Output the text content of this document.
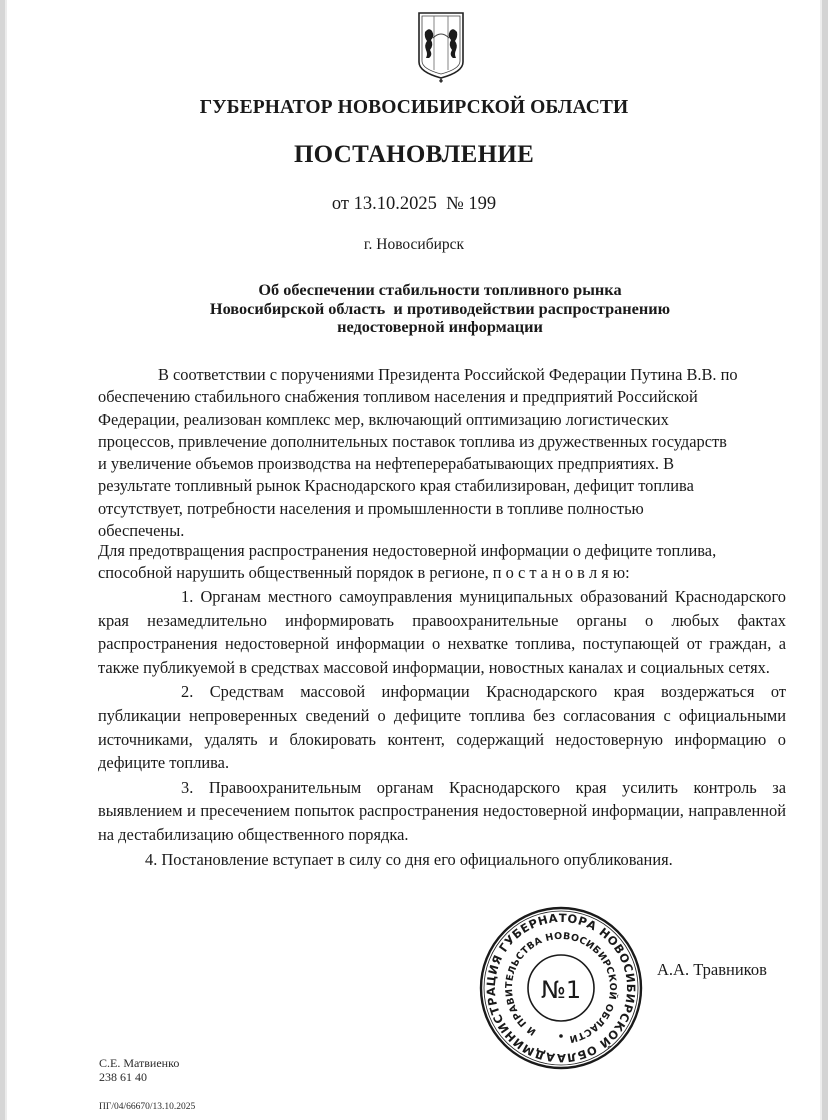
ГУБЕРНАТОР НОВОСИБИРСКОЙ ОБЛАСТИ
ПОСТАНОВЛЕНИЕ
от 13.10.2025  № 199
г. Новосибирск
Об обеспечении стабильности топливного рынка
Новосибирской область  и противодействии распространению
недостоверной информации
В соответствии с поручениями Президента Российской Федерации Путина В.В. по
обеспечению стабильного снабжения топливом населения и предприятий Российской
Федерации, реализован комплекс мер, включающий оптимизацию логистических
процессов, привлечение дополнительных поставок топлива из дружественных государств
и увеличение объемов производства на нефтеперерабатывающих предприятиях. В
результате топливный рынок Краснодарского края стабилизирован, дефицит топлива
отсутствует, потребности населения и промышленности в топливе полностью
обеспечены.
Для предотвращения распространения недостоверной информации о дефиците топлива,
способной нарушить общественный порядок в регионе, п о с т а н о в л я ю:

1. Органам местного самоуправления муниципальных образований Краснодарского края незамедлительно информировать правоохранительные органы о любых фактах распространения недостоверной информации о нехватке топлива, поступающей от граждан, а также публикуемой в средствах массовой информации, новостных каналах и социальных сетях.

2. Средствам массовой информации Краснодарского края воздержаться от публикации непроверенных сведений о дефиците топлива без согласования с официальными источниками, удалять и блокировать контент, содержащий недостоверную информацию о дефиците топлива.

3. Правоохранительным органам Краснодарского края усилить контроль за выявлением и пресечением попыток распространения недостоверной информации, направленной на дестабилизацию общественного порядка.

4. Постановление вступает в силу со дня его официального опубликования.

АДМИНИСТРАЦИЯ ГУБЕРНАТОРА НОВОСИБИРСКОЙ ОБЛАСТИ
И ПРАВИТЕЛЬСТВА НОВОСИБИРСКОЙ ОБЛАСТИ
№1
А.А. Травников
С.Е. Матвиенко
238 61 40
ПГ/04/66670/13.10.2025
